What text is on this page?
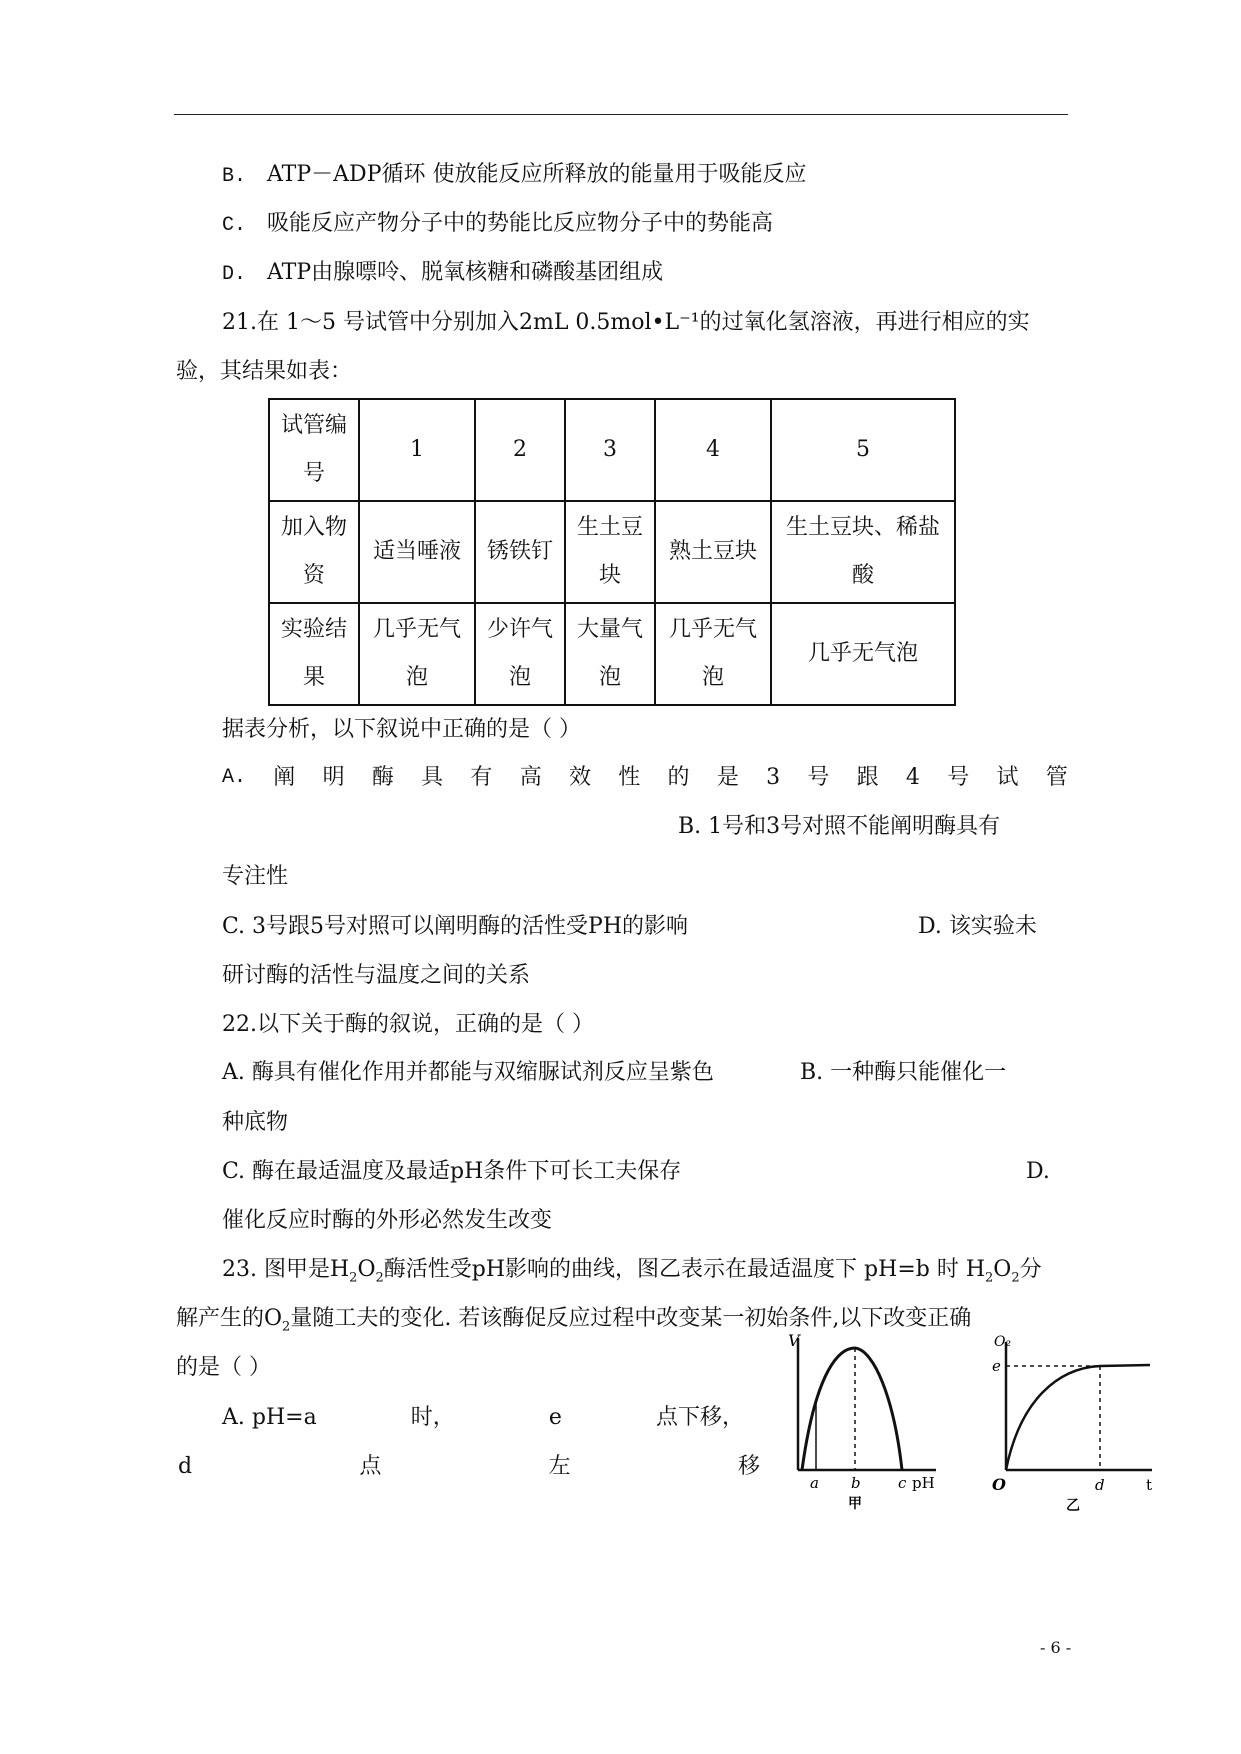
B. ATP－ADP循环 使放能反应所释放的能量用于吸能反应
C. 吸能反应产物分子中的势能比反应物分子中的势能高
D. ATP由腺嘌呤、脱氧核糖和磷酸基团组成
21.在 1～5 号试管中分别加入2mL 0.5mol•L⁻¹的过氧化氢溶液，再进行相应的实
验，其结果如表：
试管编号	1	2	3	4	5
加入物资	适当唾液	锈铁钉	生土豆块	熟土豆块	生土豆块、稀盐酸
实验结果	几乎无气泡	少许气泡	大量气泡	几乎无气泡	几乎无气泡
据表分析，以下叙说中正确的是（ ）
A. 阐 明 酶 具 有 高 效 性 的 是 3 号 跟 4 号 试 管
B. 1号和3号对照不能阐明酶具有
专注性
C. 3号跟5号对照可以阐明酶的活性受PH的影响	D. 该实验未
研讨酶的活性与温度之间的关系
22.以下关于酶的叙说，正确的是（ ）
A. 酶具有催化作用并都能与双缩脲试剂反应呈紫色	B. 一种酶只能催化一
种底物
C. 酶在最适温度及最适pH条件下可长工夫保存	D.
催化反应时酶的外形必然发生改变
23. 图甲是$H_2O_2$酶活性受pH影响的曲线，图乙表示在最适温度下 pH=b 时 $H_2O_2$分
解产生的$O_2$量随工夫的变化. 若该酶促反应过程中改变某一初始条件,以下改变正确
的是（ ）
A. pH=a	时，	e	点下移，
d	点	左	移
V
a b c pH
甲
O₂
e
O	d	t
乙
- 6 -
